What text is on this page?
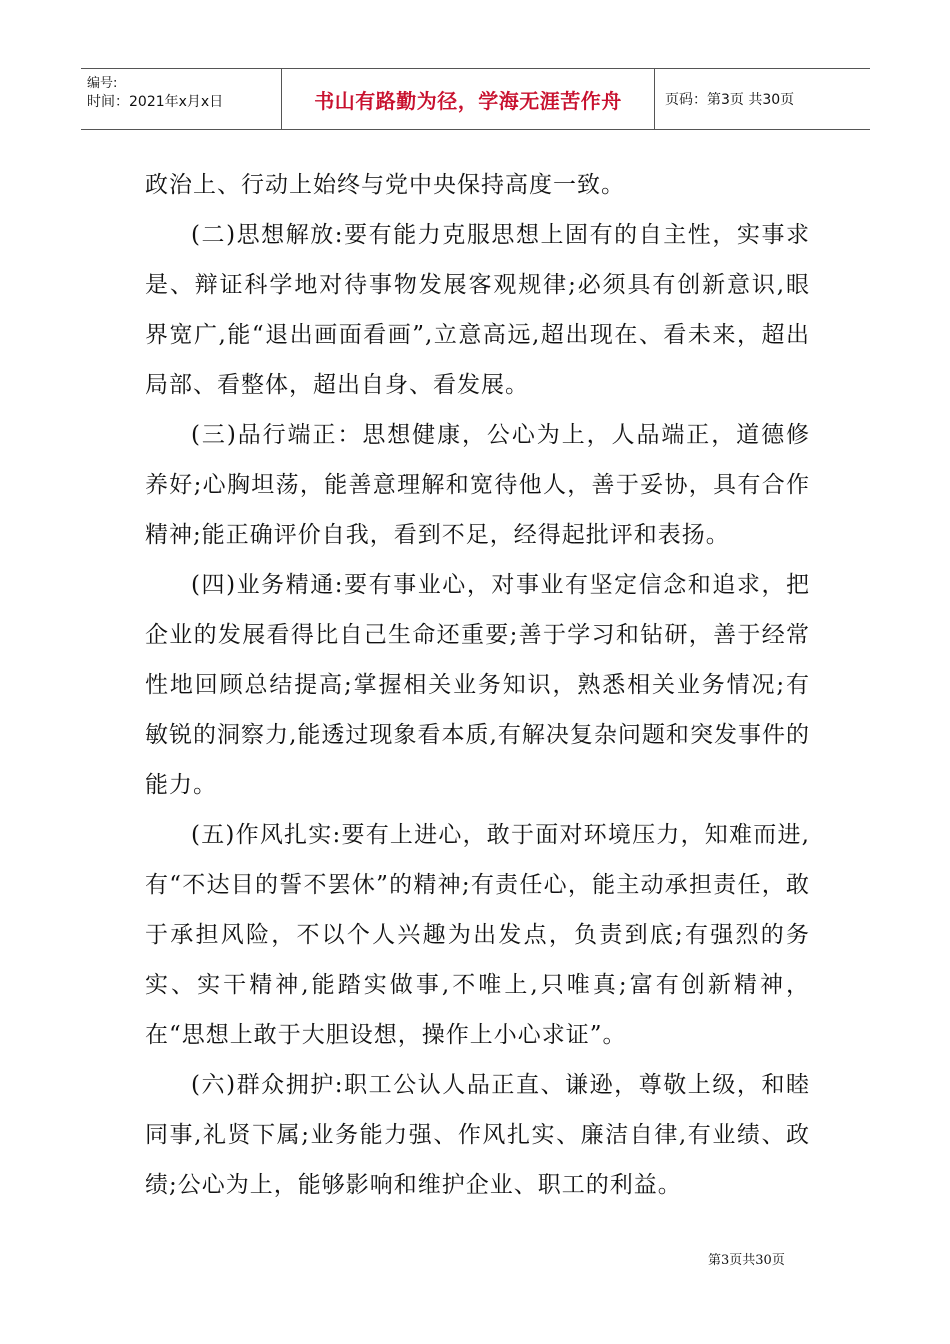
编号:
时间：2021年x月x日	书山有路勤为径，学海无涯苦作舟	页码：第3页 共30页

政治上、行动上始终与党中央保持高度一致。

(二)思想解放:要有能力克服思想上固有的自主性，实事求是、辩证科学地对待事物发展客观规律;必须具有创新意识,眼界宽广,能“退出画面看画”,立意高远,超出现在、看未来，超出局部、看整体，超出自身、看发展。

(三)品行端正：思想健康，公心为上，人品端正，道德修养好;心胸坦荡，能善意理解和宽待他人，善于妥协，具有合作精神;能正确评价自我，看到不足，经得起批评和表扬。

(四)业务精通:要有事业心，对事业有坚定信念和追求，把企业的发展看得比自己生命还重要;善于学习和钻研，善于经常性地回顾总结提高;掌握相关业务知识，熟悉相关业务情况;有敏锐的洞察力,能透过现象看本质,有解决复杂问题和突发事件的能力。

(五)作风扎实:要有上进心，敢于面对环境压力，知难而进,有“不达目的誓不罢休”的精神;有责任心，能主动承担责任，敢于承担风险，不以个人兴趣为出发点，负责到底;有强烈的务实、实干精神,能踏实做事,不唯上,只唯真;富有创新精神，在“思想上敢于大胆设想，操作上小心求证”。

(六)群众拥护:职工公认人品正直、谦逊，尊敬上级，和睦同事,礼贤下属;业务能力强、作风扎实、廉洁自律,有业绩、政绩;公心为上，能够影响和维护企业、职工的利益。

第3页共30页
